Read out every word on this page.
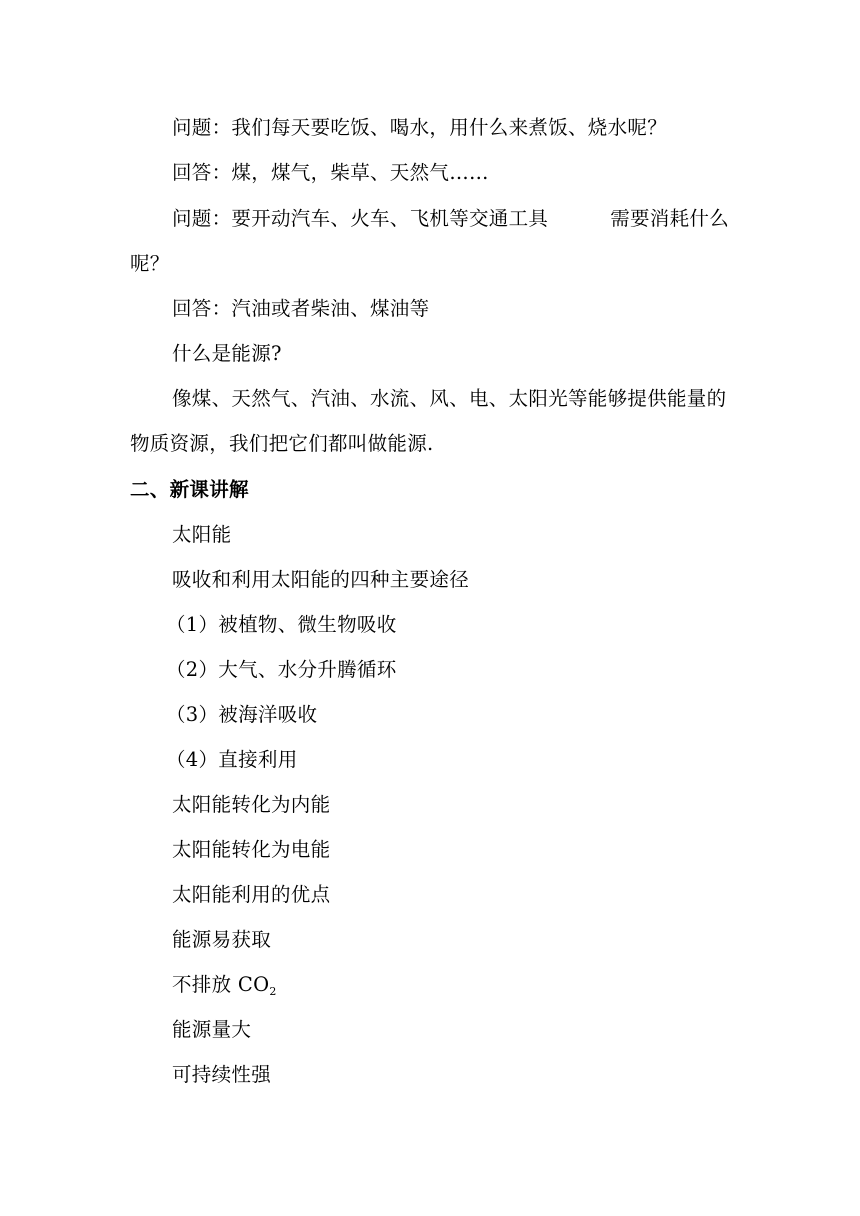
问题：我们每天要吃饭、喝水，用什么来煮饭、烧水呢？
回答：煤，煤气，柴草、天然气……
问题：要开动汽车、火车、飞机等交通工具	需要消耗什么
呢？
回答：汽油或者柴油、煤油等
什么是能源?
像煤、天然气、汽油、水流、风、电、太阳光等能够提供能量的
物质资源，我们把它们都叫做能源.
二、新课讲解
太阳能
吸收和利用太阳能的四种主要途径
（1）被植物、微生物吸收
（2）大气、水分升腾循环
（3）被海洋吸收
（4）直接利用
太阳能转化为内能
太阳能转化为电能
太阳能利用的优点
能源易获取
不排放 $CO_2$
能源量大
可持续性强
